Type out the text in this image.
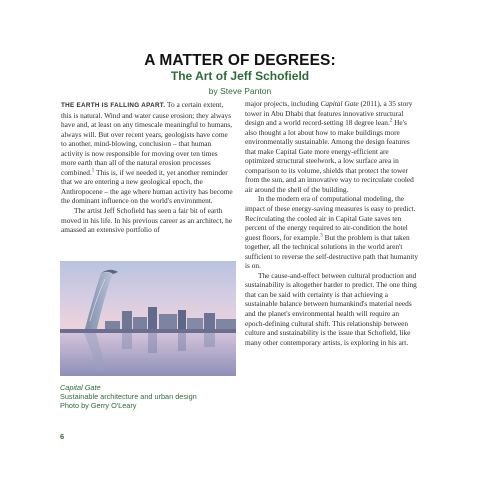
A MATTER OF DEGREES:
The Art of Jeff Schofield
by Steve Panton

THE EARTH IS FALLING APART. To a certain extent, this is natural. Wind and water cause erosion; they always have and, at least on any timescale meaningful to humans, always will. But over recent years, geologists have come to another, mind-blowing, conclusion – that human activity is now responsible for moving over ten times more earth than all of the natural erosion processes combined.$^1$ This is, if we needed it, yet another reminder that we are entering a new geological epoch, the Anthropocene – the age where human activity has become the dominant influence on the world's environment.

The artist Jeff Schofield has seen a fair bit of earth moved in his life. In his previous career as an architect, he amassed an extensive portfolio of

Capital Gate
Sustainable architecture and urban design
Photo by Gerry O'Leary

major projects, including Capital Gate (2011), a 35 story tower in Abu Dhabi that features innovative structural design and a world record-setting 18 degree lean.$^2$ He's also thought a lot about how to make buildings more environmentally sustainable. Among the design features that make Capital Gate more energy-efficient are optimized structural steelwork, a low surface area in comparison to its volume, shields that protect the tower from the sun, and an innovative way to recirculate cooled air around the shell of the building.

In the modern era of computational modeling, the impact of these energy-saving measures is easy to predict. Recirculating the cooled air in Capital Gate saves ten percent of the energy required to air-condition the hotel guest floors, for example.$^3$ But the problem is that taken together, all the technical solutions in the world aren't sufficient to reverse the self-destructive path that humanity is on.

The cause-and-effect between cultural production and sustainability is altogether harder to predict. The one thing that can be said with certainty is that achieving a sustainable balance between humankind's material needs and the planet's environmental health will require an epoch-defining cultural shift. This relationship between culture and sustainability is the issue that Schofield, like many other contemporary artists, is exploring in his art.

6
